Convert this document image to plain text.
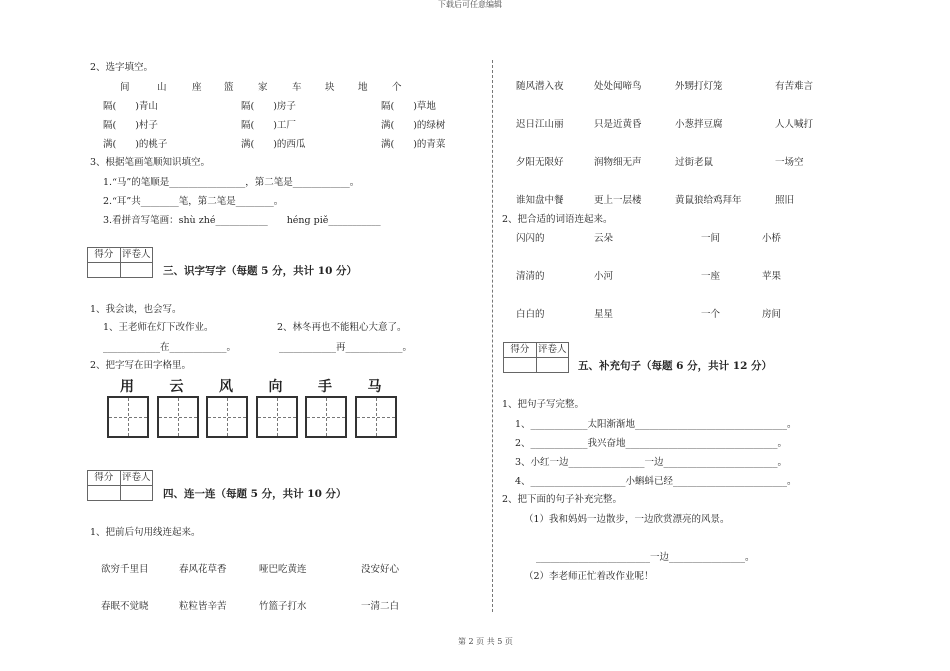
下载后可任意编辑
第 2 页 共 5 页
2、选字填空。
间	山	座 篮	家	车 块 地	个
隔(　　)青山	隔(　　)房子	隔(　　)草地
隔(　　)村子	隔(　　)工厂	满(　　)的绿树
满(　　)的桃子	满(　　)的西瓜	满(　　)的青菜
3、根据笔画笔顺知识填空。
1.“马”的笔顺是________________，第二笔是____________。
2.“耳”共________笔，第二笔是________。
3.看拼音写笔画：shù zhé___________　　héng piě___________
得分 评卷人
三、识字写字（每题 5 分，共计 10 分）
1、我会读，也会写。
1、王老师在灯下改作业。	2、林冬再也不能粗心大意了。
____________在____________。	____________再____________。
2、把字写在田字格里。
用	云	风	向	手	马
得分 评卷人
四、连一连（每题 5 分，共计 10 分）
1、把前后句用线连起来。
欲穷千里目	春风花草香	哑巴吃黄连	没安好心
春眠不觉晓	粒粒皆辛苦	竹篮子打水	一清二白
随风潜入夜	处处闻啼鸟	外甥打灯笼	有苦难言
迟日江山丽	只是近黄昏	小葱拌豆腐	人人喊打
夕阳无限好	润物细无声	过街老鼠	一场空
谁知盘中餐	更上一层楼	黄鼠狼给鸡拜年	照旧
2、把合适的词语连起来。
闪闪的	云朵	一间	小桥
清清的	小河	一座	苹果
白白的	星星	一个	房间
得分 评卷人
五、补充句子（每题 6 分，共计 12 分）
1、把句子写完整。
1、____________太阳渐渐地________________________________。
2、____________我兴奋地________________________________。
3、小红一边________________一边________________________。
4、____________________小蝌蚪已经________________________。
2、把下面的句子补充完整。
（1）我和妈妈一边散步，一边欣赏漂亮的风景。
________________________一边________________。
（2）李老师正忙着改作业呢！
